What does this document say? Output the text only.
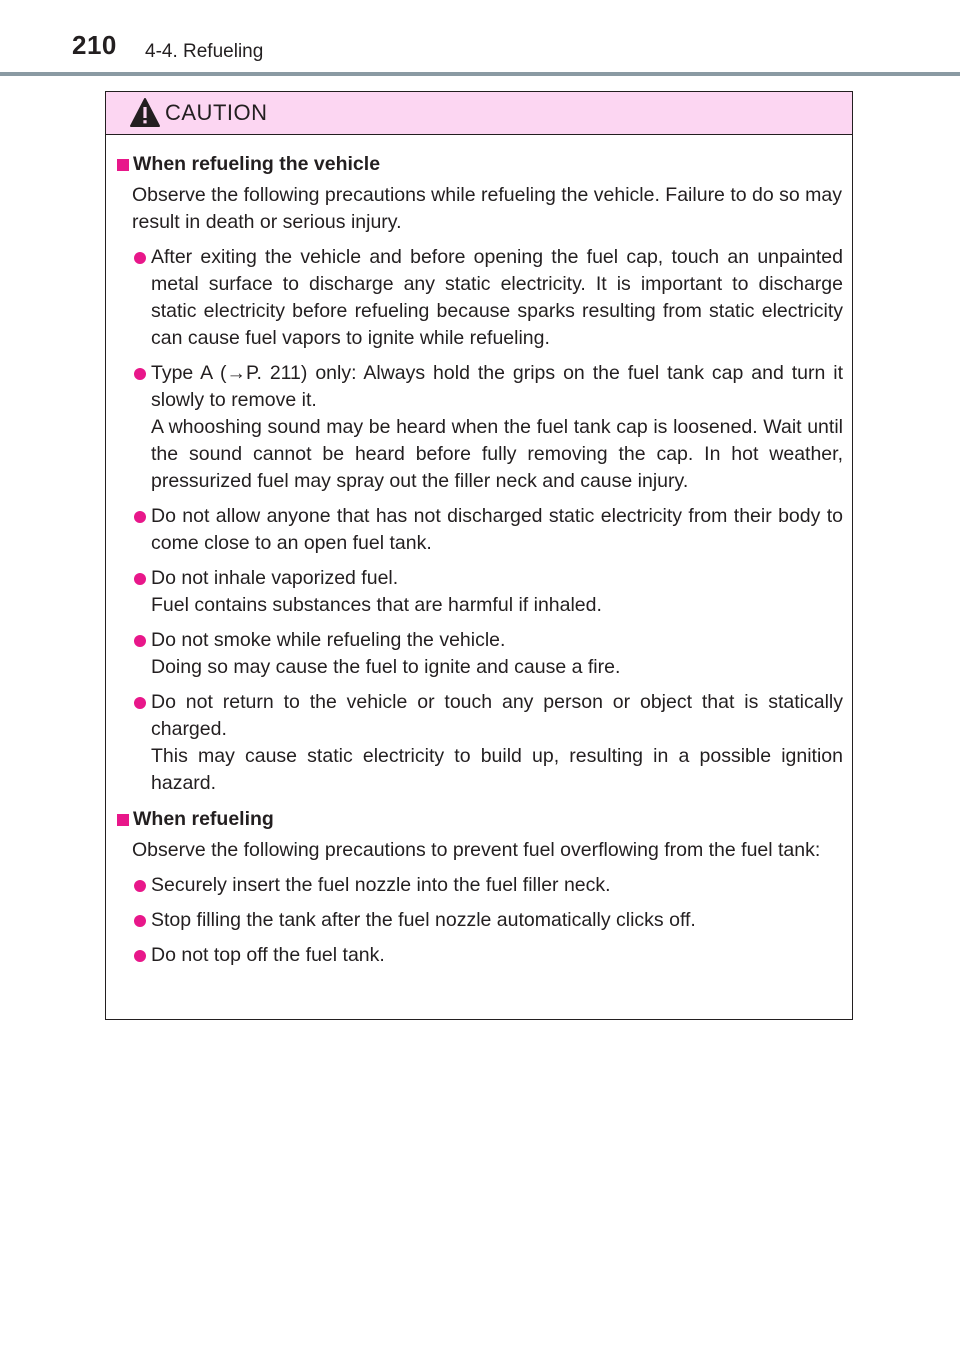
210 4-4. Refueling
CAUTION
When refueling the vehicle
Observe the following precautions while refueling the vehicle. Failure to do so may result in death or serious injury.

After exiting the vehicle and before opening the fuel cap, touch an unpainted metal surface to discharge any static electricity. It is important to discharge static electricity before refueling because sparks resulting from static electricity can cause fuel vapors to ignite while refueling.

Type A (→P. 211) only: Always hold the grips on the fuel tank cap and turn it slowly to remove it.

A whooshing sound may be heard when the fuel tank cap is loosened. Wait until the sound cannot be heard before fully removing the cap. In hot weather, pressurized fuel may spray out the filler neck and cause injury.

Do not allow anyone that has not discharged static electricity from their body to come close to an open fuel tank.

Do not inhale vaporized fuel.

Fuel contains substances that are harmful if inhaled.

Do not smoke while refueling the vehicle.

Doing so may cause the fuel to ignite and cause a fire.

Do not return to the vehicle or touch any person or object that is statically charged.

This may cause static electricity to build up, resulting in a possible ignition hazard.

When refueling
Observe the following precautions to prevent fuel overflowing from the fuel tank:

Securely insert the fuel nozzle into the fuel filler neck.

Stop filling the tank after the fuel nozzle automatically clicks off.

Do not top off the fuel tank.
